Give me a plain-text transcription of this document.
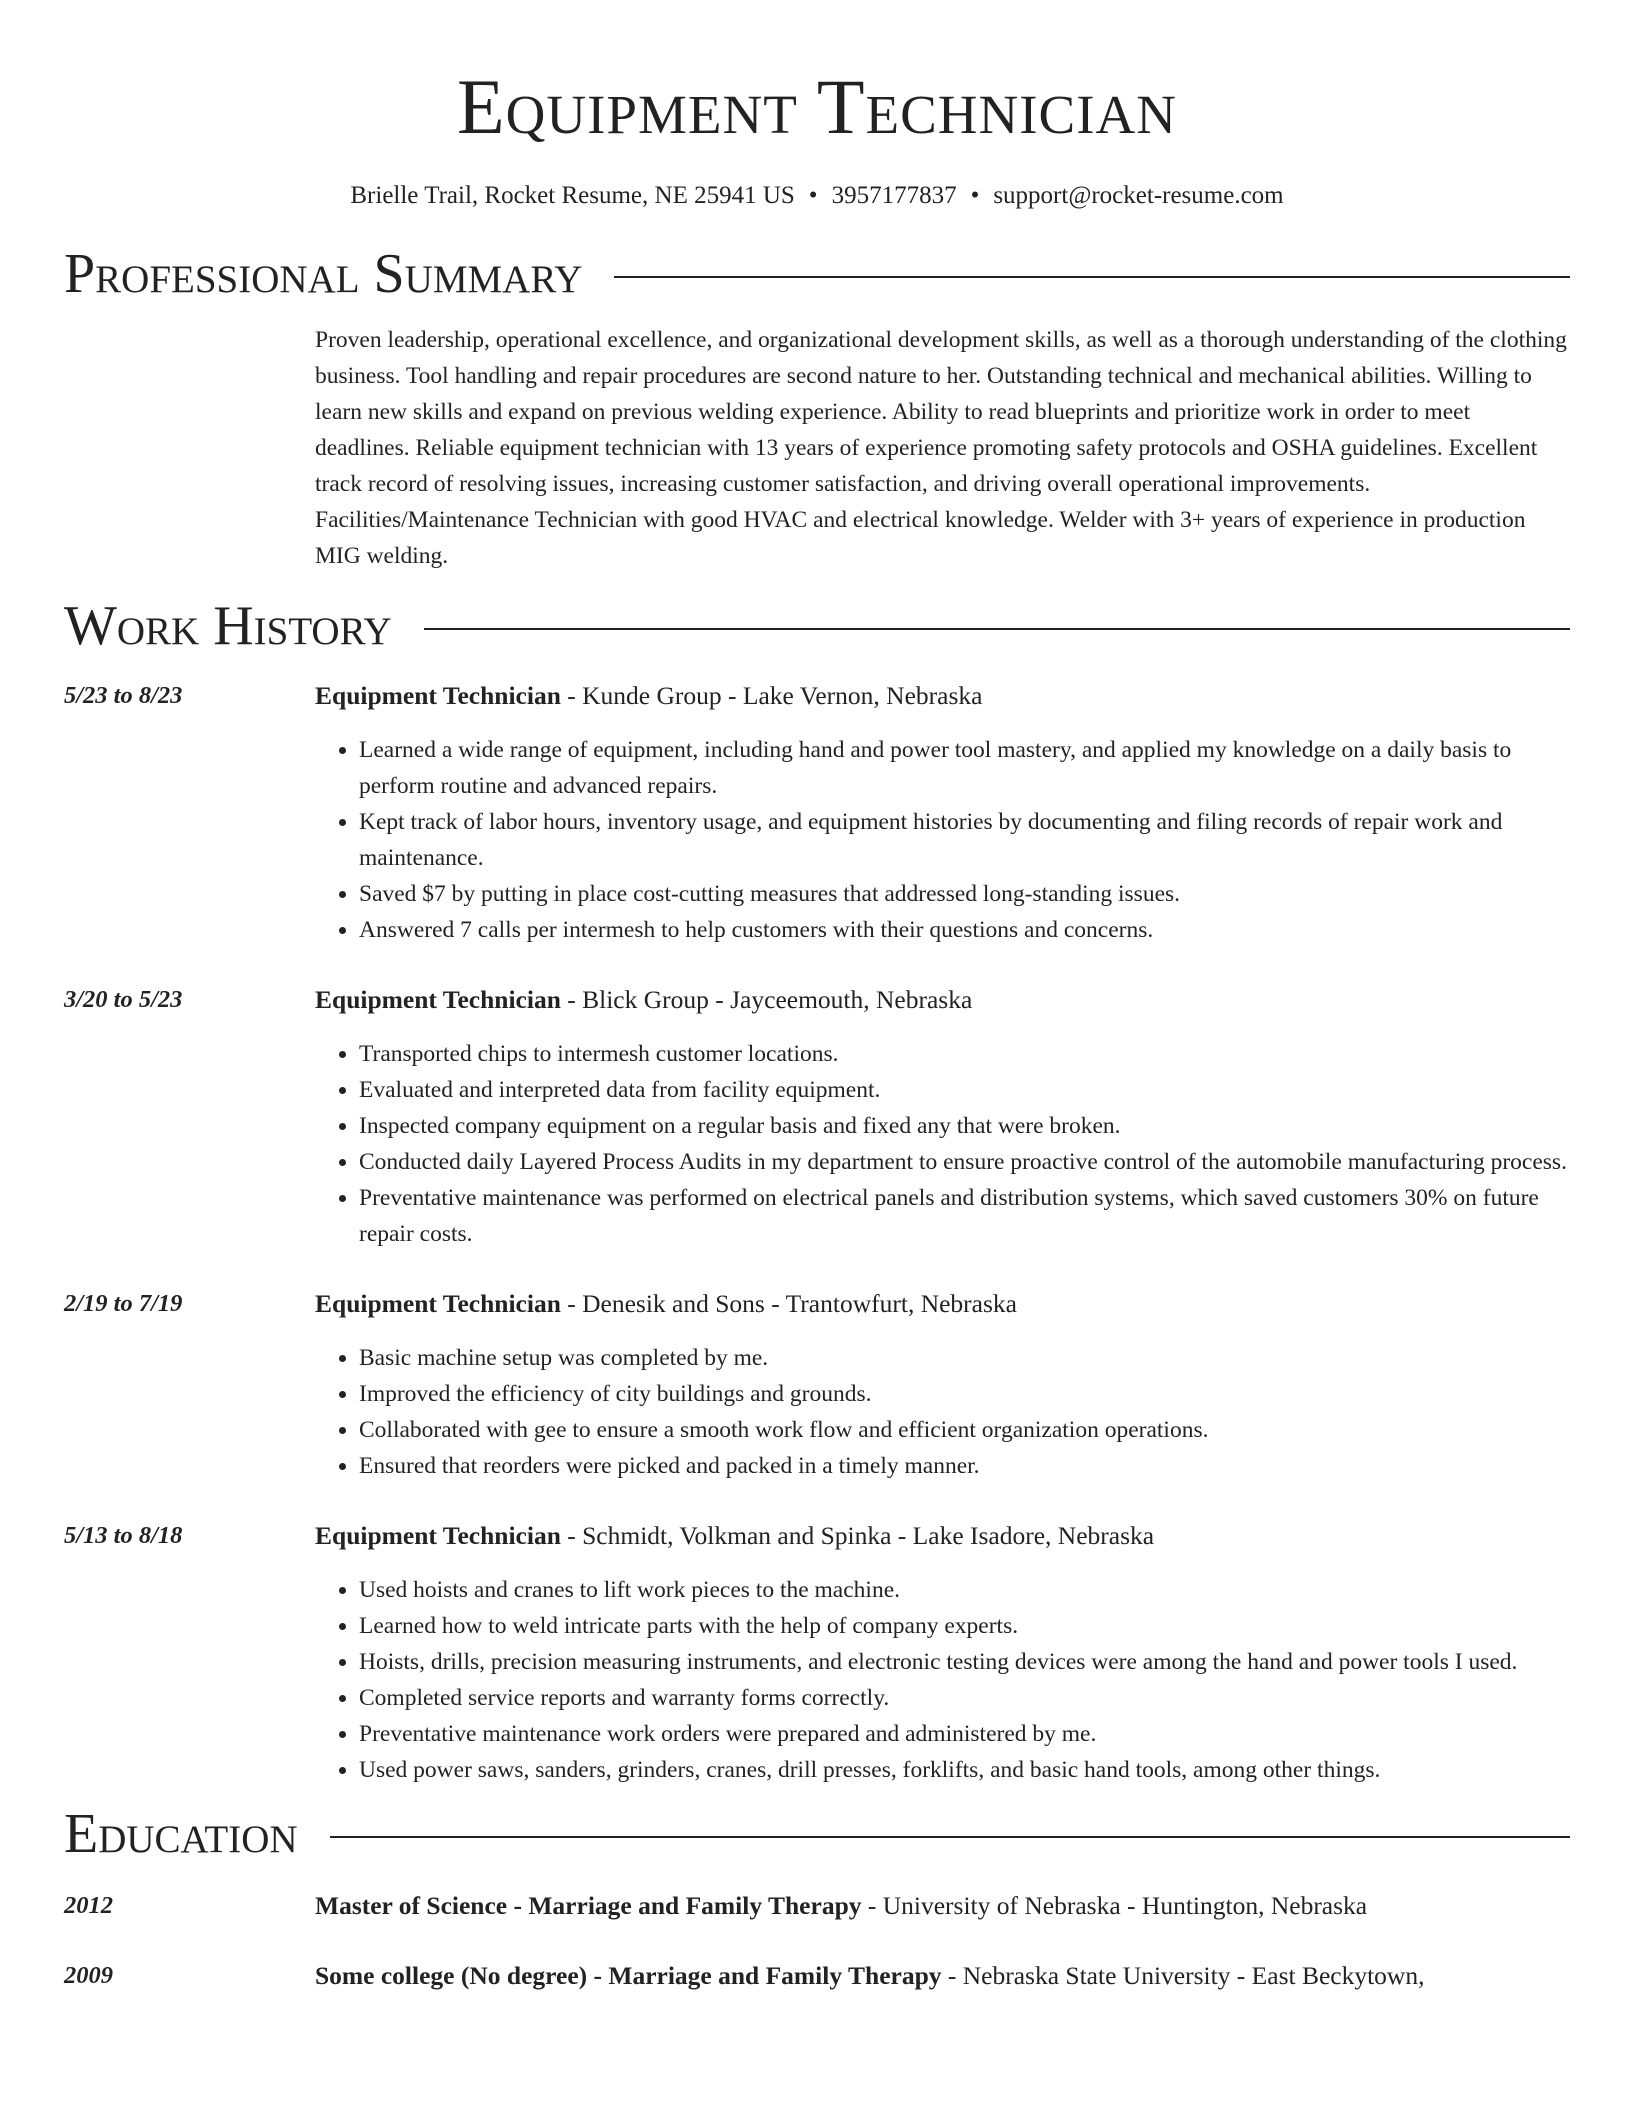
Equipment Technician
Brielle Trail, Rocket Resume, NE 25941 US • 3957177837 • support@rocket-resume.com
Professional Summary
Proven leadership, operational excellence, and organizational development skills, as well as a thorough understanding of the clothing business. Tool handling and repair procedures are second nature to her. Outstanding technical and mechanical abilities. Willing to learn new skills and expand on previous welding experience. Ability to read blueprints and prioritize work in order to meet deadlines. Reliable equipment technician with 13 years of experience promoting safety protocols and OSHA guidelines. Excellent track record of resolving issues, increasing customer satisfaction, and driving overall operational improvements. Facilities/Maintenance Technician with good HVAC and electrical knowledge. Welder with 3+ years of experience in production MIG welding.
Work History
5/23 to 8/23	Equipment Technician - Kunde Group - Lake Vernon, Nebraska
• Learned a wide range of equipment, including hand and power tool mastery, and applied my knowledge on a daily basis to perform routine and advanced repairs.
• Kept track of labor hours, inventory usage, and equipment histories by documenting and filing records of repair work and maintenance.
• Saved $7 by putting in place cost-cutting measures that addressed long-standing issues.
• Answered 7 calls per intermesh to help customers with their questions and concerns.
3/20 to 5/23	Equipment Technician - Blick Group - Jayceemouth, Nebraska
• Transported chips to intermesh customer locations.
• Evaluated and interpreted data from facility equipment.
• Inspected company equipment on a regular basis and fixed any that were broken.
• Conducted daily Layered Process Audits in my department to ensure proactive control of the automobile manufacturing process.
• Preventative maintenance was performed on electrical panels and distribution systems, which saved customers 30% on future repair costs.
2/19 to 7/19	Equipment Technician - Denesik and Sons - Trantowfurt, Nebraska
• Basic machine setup was completed by me.
• Improved the efficiency of city buildings and grounds.
• Collaborated with gee to ensure a smooth work flow and efficient organization operations.
• Ensured that reorders were picked and packed in a timely manner.
5/13 to 8/18	Equipment Technician - Schmidt, Volkman and Spinka - Lake Isadore, Nebraska
• Used hoists and cranes to lift work pieces to the machine.
• Learned how to weld intricate parts with the help of company experts.
• Hoists, drills, precision measuring instruments, and electronic testing devices were among the hand and power tools I used.
• Completed service reports and warranty forms correctly.
• Preventative maintenance work orders were prepared and administered by me.
• Used power saws, sanders, grinders, cranes, drill presses, forklifts, and basic hand tools, among other things.
Education
2012	Master of Science - Marriage and Family Therapy - University of Nebraska - Huntington, Nebraska
2009	Some college (No degree) - Marriage and Family Therapy - Nebraska State University - East Beckytown,
